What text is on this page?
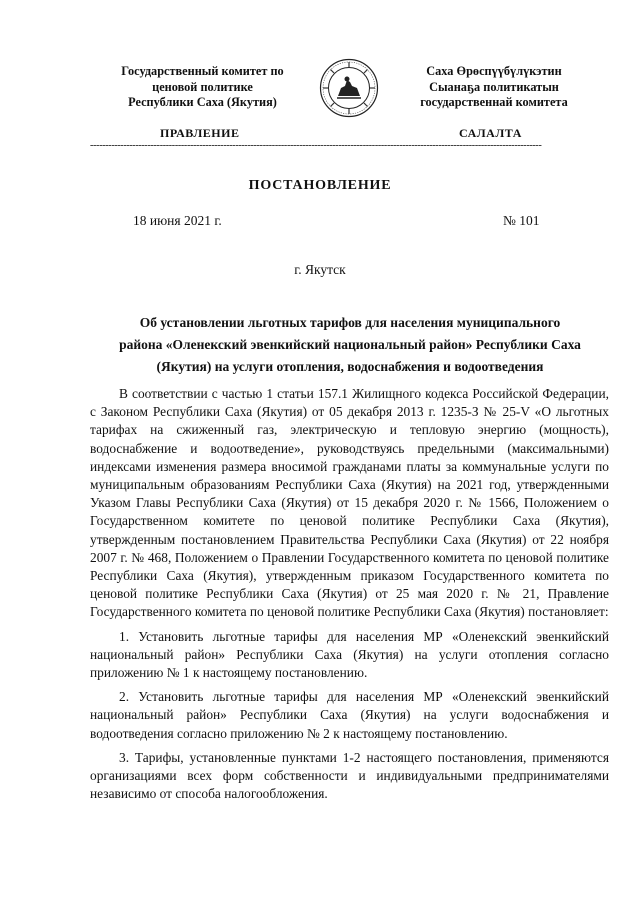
Государственный комитет по
ценовой политике
Республики Саха (Якутия)
Саха Өрөспүүбүлүкэтин
Сыанаҕа политикатын
государственнай комитета
ПРАВЛЕНИЕ	САЛАЛТА
-----------------------------------------------------------------------------------------------------------------------------------------------------
ПОСТАНОВЛЕНИЕ
18 июня 2021 г.	№ 101
г. Якутск
Об установлении льготных тарифов для населения муниципального
района «Оленекский эвенкийский национальный район» Республики Саха
(Якутия) на услуги отопления, водоснабжения и водоотведения

В соответствии с частью 1 статьи 157.1 Жилищного кодекса Российской Федерации, с Законом Республики Саха (Якутия) от 05 декабря 2013 г. 1235-З № 25-V «О льготных тарифах на сжиженный газ, электрическую и тепловую энергию (мощность), водоснабжение и водоотведение», руководствуясь предельными (максимальными) индексами изменения размера вносимой гражданами платы за коммунальные услуги по муниципальным образованиям Республики Саха (Якутия) на 2021 год, утвержденными Указом Главы Республики Саха (Якутия) от 15 декабря 2020 г. № 1566, Положением о Государственном комитете по ценовой политике Республики Саха (Якутия), утвержденным постановлением Правительства Республики Саха (Якутия) от 22 ноября 2007 г. № 468, Положением о Правлении Государственного комитета по ценовой политике Республики Саха (Якутия), утвержденным приказом Государственного комитета по ценовой политике Республики Саха (Якутия) от 25 мая 2020 г. № 21, Правление Государственного комитета по ценовой политике Республики Саха (Якутия) постановляет:

1. Установить льготные тарифы для населения МР «Оленекский эвенкийский национальный район» Республики Саха (Якутия) на услуги отопления согласно приложению № 1 к настоящему постановлению.

2. Установить льготные тарифы для населения МР «Оленекский эвенкийский национальный район» Республики Саха (Якутия) на услуги водоснабжения и водоотведения согласно приложению № 2 к настоящему постановлению.

3. Тарифы, установленные пунктами 1-2 настоящего постановления, применяются организациями всех форм собственности и индивидуальными предпринимателями независимо от способа налогообложения.
